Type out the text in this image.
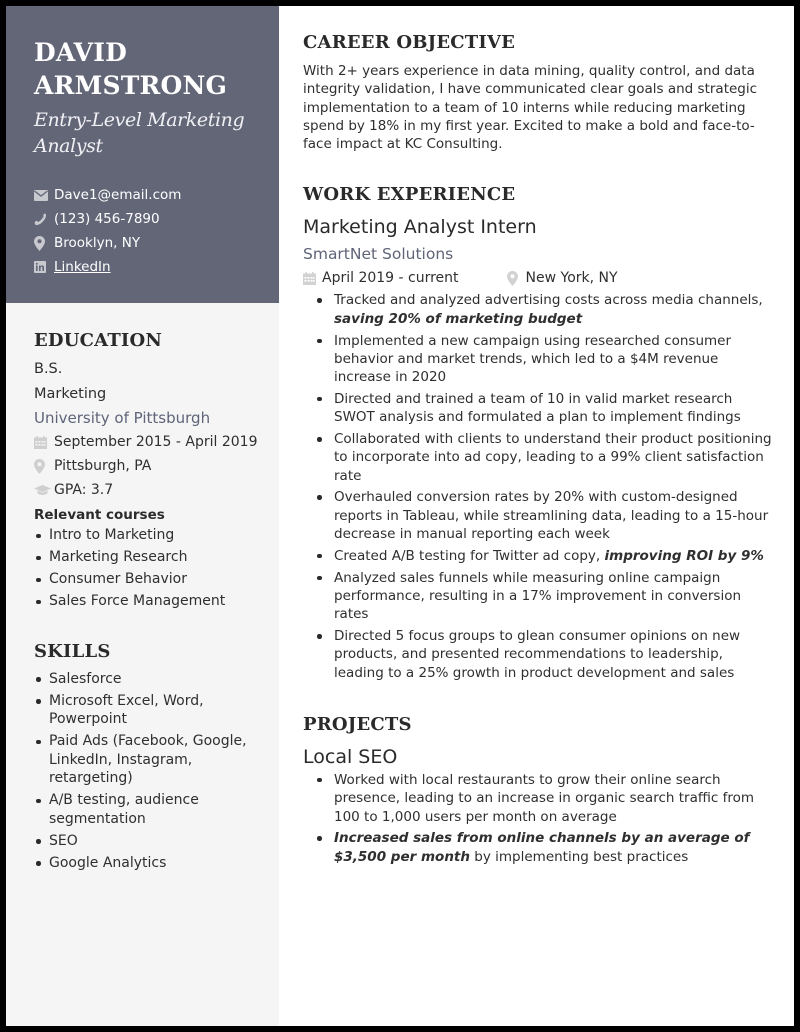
DAVID
ARMSTRONG
Entry-Level Marketing Analyst
Dave1@email.com
(123) 456-7890
Brooklyn, NY
LinkedIn
EDUCATION
B.S.
Marketing
University of Pittsburgh
September 2015 - April 2019
Pittsburgh, PA
GPA: 3.7
Relevant courses
Intro to Marketing
Marketing Research
Consumer Behavior
Sales Force Management
SKILLS
Salesforce
Microsoft Excel, Word, Powerpoint
Paid Ads (Facebook, Google, LinkedIn, Instagram, retargeting)
A/B testing, audience segmentation
SEO
Google Analytics
CAREER OBJECTIVE

With 2+ years experience in data mining, quality control, and data integrity validation, I have communicated clear goals and strategic implementation to a team of 10 interns while reducing marketing spend by 18% in my first year. Excited to make a bold and face-to-face impact at KC Consulting.

WORK EXPERIENCE
Marketing Analyst Intern
SmartNet Solutions
April 2019 - current	New York, NY
Tracked and analyzed advertising costs across media channels, saving 20% of marketing budget
Implemented a new campaign using researched consumer behavior and market trends, which led to a $4M revenue increase in 2020
Directed and trained a team of 10 in valid market research SWOT analysis and formulated a plan to implement findings
Collaborated with clients to understand their product positioning to incorporate into ad copy, leading to a 99% client satisfaction rate
Overhauled conversion rates by 20% with custom-designed reports in Tableau, while streamlining data, leading to a 15-hour decrease in manual reporting each week
Created A/B testing for Twitter ad copy, improving ROI by 9%
Analyzed sales funnels while measuring online campaign performance, resulting in a 17% improvement in conversion rates
Directed 5 focus groups to glean consumer opinions on new products, and presented recommendations to leadership, leading to a 25% growth in product development and sales
PROJECTS
Local SEO
Worked with local restaurants to grow their online search presence, leading to an increase in organic search traffic from 100 to 1,000 users per month on average
Increased sales from online channels by an average of $3,500 per month by implementing best practices
